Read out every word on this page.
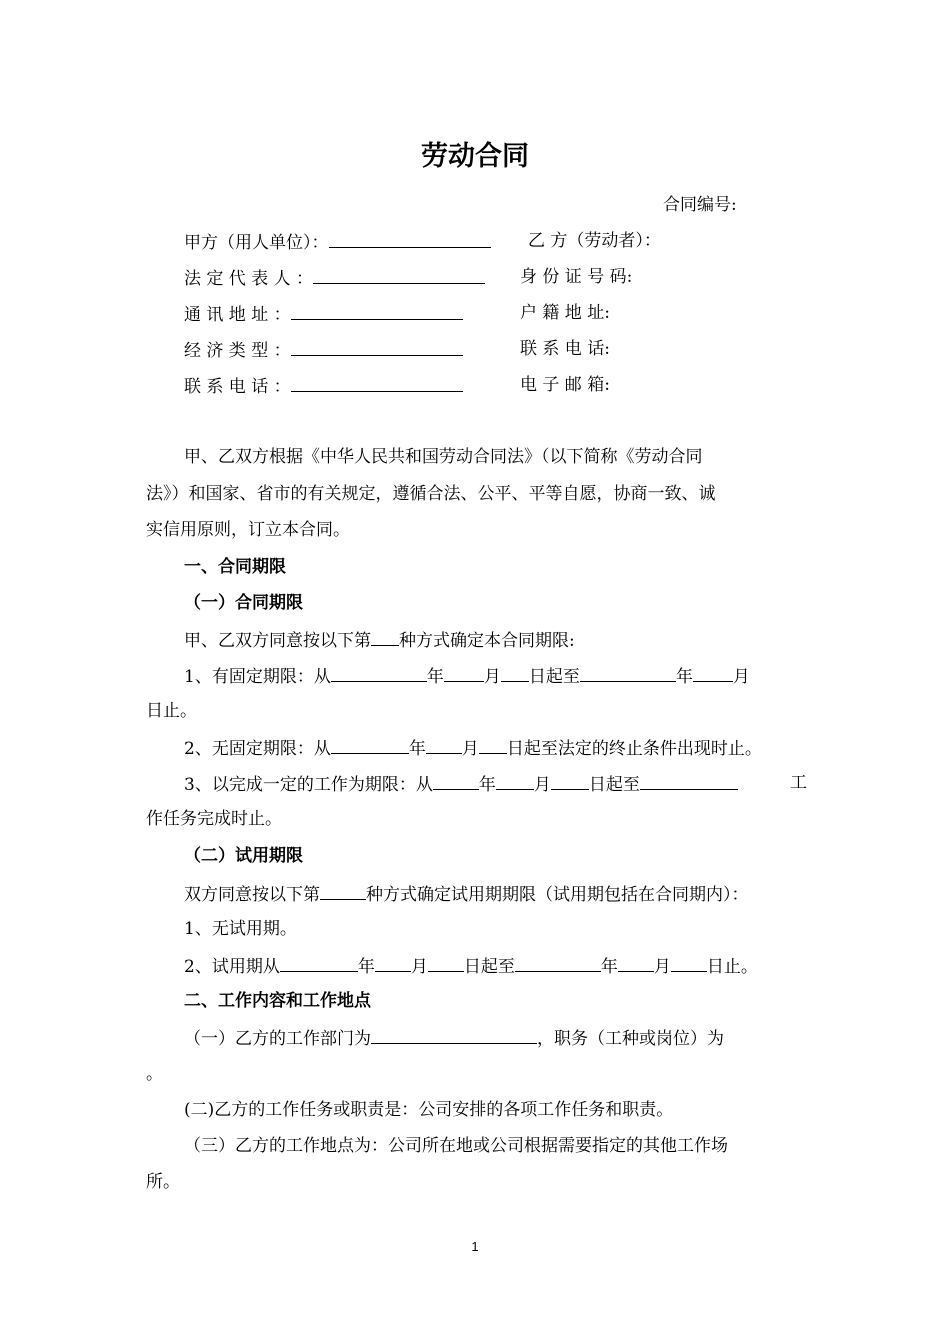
劳动合同
合同编号:
甲方（用人单位）：	乙 方（劳动者）：
法 定 代 表 人 ：	身 份 证 号 码:
通 讯 地 址 ：	户 籍 地 址:
经 济 类 型 ：	联 系 电 话:
联 系 电 话 ：	电 子 邮 箱:
甲、乙双方根据《中华人民共和国劳动合同法》（以下简称《劳动合同
法》）和国家、省市的有关规定，遵循合法、公平、平等自愿，协商一致、诚
实信用原则，订立本合同。
一、合同期限
（一）合同期限
甲、乙双方同意按以下第 种方式确定本合同期限:
1、有固定期限：从	年 月 日起至	年 月
日止。
2、无固定期限：从	年 月 日起至法定的终止条件出现时止。
3、以完成一定的工作为期限：从	年 月 日起至	工
作任务完成时止。
（二）试用期限
双方同意按以下第	种方式确定试用期期限（试用期包括在合同期内）：
1、无试用期。
2、试用期从	年 月 日起至	年 月 日止。
二、工作内容和工作地点
（一）乙方的工作部门为	，职务（工种或岗位）为
。
(二)乙方的工作任务或职责是：公司安排的各项工作任务和职责。
（三）乙方的工作地点为：公司所在地或公司根据需要指定的其他工作场
所。
1
